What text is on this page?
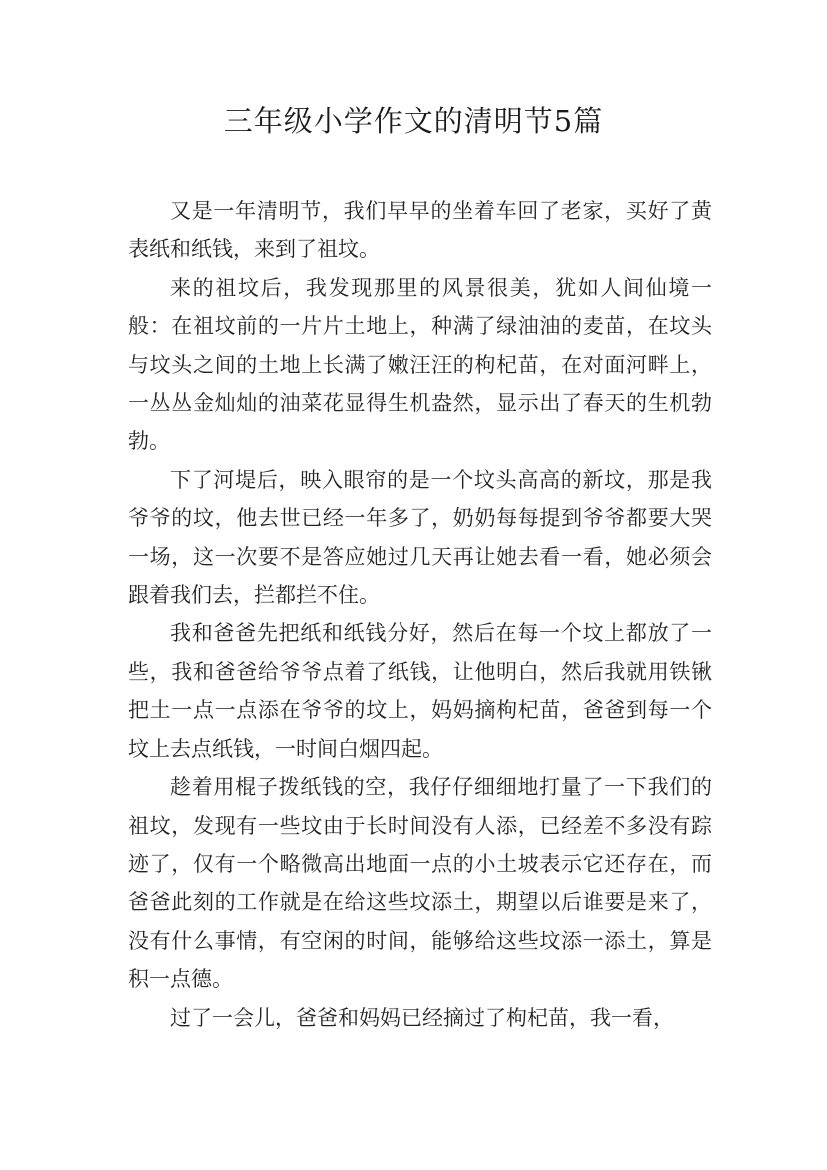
三年级小学作文的清明节5篇

又是一年清明节，我们早早的坐着车回了老家，买好了黄表纸和纸钱，来到了祖坟。

来的祖坟后，我发现那里的风景很美，犹如人间仙境一般：在祖坟前的一片片土地上，种满了绿油油的麦苗，在坟头与坟头之间的土地上长满了嫩汪汪的枸杞苗，在对面河畔上，一丛丛金灿灿的油菜花显得生机盎然，显示出了春天的生机勃勃。

下了河堤后，映入眼帘的是一个坟头高高的新坟，那是我爷爷的坟，他去世已经一年多了，奶奶每每提到爷爷都要大哭一场，这一次要不是答应她过几天再让她去看一看，她必须会跟着我们去，拦都拦不住。

我和爸爸先把纸和纸钱分好，然后在每一个坟上都放了一些，我和爸爸给爷爷点着了纸钱，让他明白，然后我就用铁锹把土一点一点添在爷爷的坟上，妈妈摘枸杞苗，爸爸到每一个坟上去点纸钱，一时间白烟四起。

趁着用棍子拨纸钱的空，我仔仔细细地打量了一下我们的祖坟，发现有一些坟由于长时间没有人添，已经差不多没有踪迹了，仅有一个略微高出地面一点的小土坡表示它还存在，而爸爸此刻的工作就是在给这些坟添土，期望以后谁要是来了，没有什么事情，有空闲的时间，能够给这些坟添一添土，算是积一点德。

过了一会儿，爸爸和妈妈已经摘过了枸杞苗，我一看，
